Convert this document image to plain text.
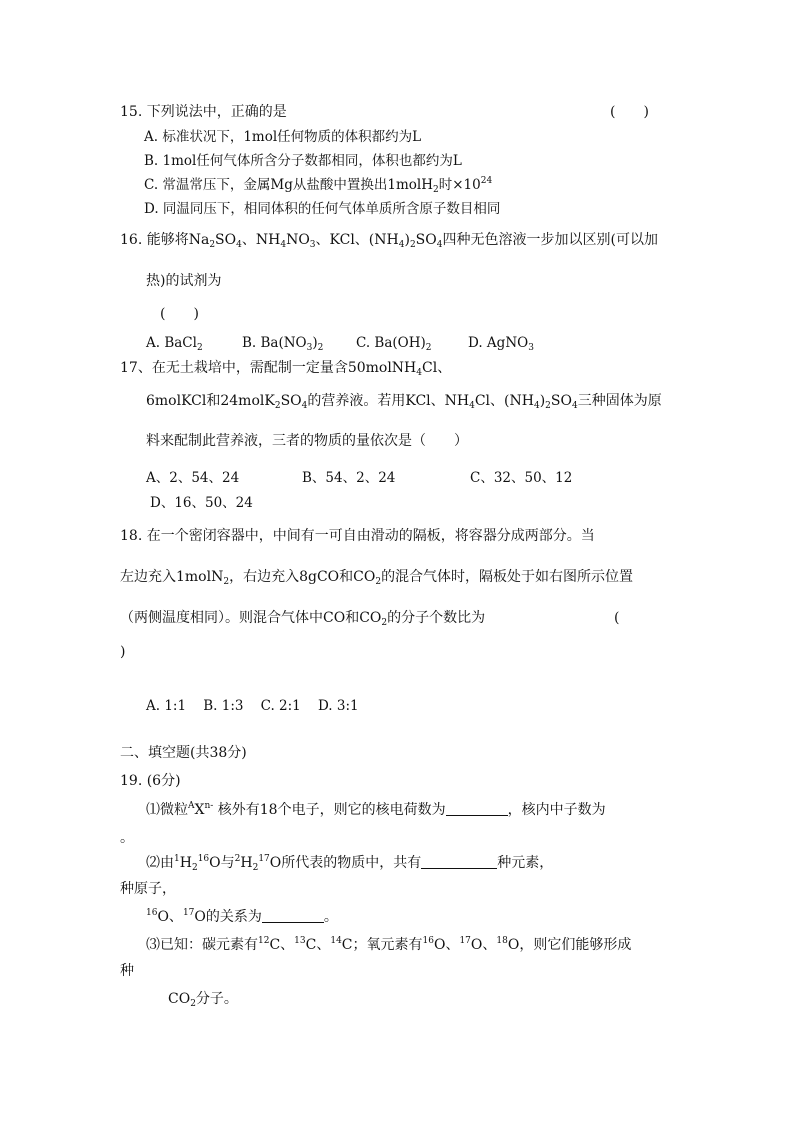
15. 下列说法中，正确的是	(　　)
A. 标准状况下，1mol任何物质的体积都约为L
B. 1mol任何气体所含分子数都相同，体积也都约为L
C. 常温常压下，金属Mg从盐酸中置换出1molH$_2$时$\times 10^{24}$
D. 同温同压下，相同体积的任何气体单质所含原子数目相同
16. 能够将$Na_2SO_4$、$NH_4NO_3$、KCl、$(NH_4)_2SO_4$四种无色溶液一步加以区别(可以加
热)的试剂为
(　　)
A. BaCl$_2$	B. $Ba(NO_3)_2$ C. $Ba(OH)_2$	D. AgNO$_3$
17、在无土栽培中，需配制一定量含50molNH$_4$Cl、
6molKCl和$24molK_2SO_4$的营养液。若用KCl、$NH_4Cl$、$(NH_4)_2SO_4$三种固体为原
料来配制此营养液，三者的物质的量依次是（　　）
A、2、54、24	B、54、2、24	C、32、50、12
D、16、50、24
18. 在一个密闭容器中，中间有一可自由滑动的隔板，将容器分成两部分。当
左边充入1molN$_2$，右边充入8gCO和$CO_2$的混合气体时，隔板处于如右图所示位置
（两侧温度相同）。则混合气体中CO和$CO_2$的分子个数比为	(
)
A. 1:1    B. 1:3    C. 2:1    D. 3:1
二、填空题(共38分)
19. (6分)
⑴微粒$^AX^{n-}$ 核外有18个电子，则它的核电荷数为	，核内中子数为
。
⑵由$^1H_2^{16}O$与$^2H_2^{17}O$所代表的物质中，共有	种元素，
种原子，
$^{16}$O、$^{17}$O的关系为	。
⑶已知：碳元素有$^{12}$C、$^{13}$C、$^{14}$C；氧元素有$^{16}$O、$^{17}$O、$^{18}$O，则它们能够形成
种
$CO_2$分子。
